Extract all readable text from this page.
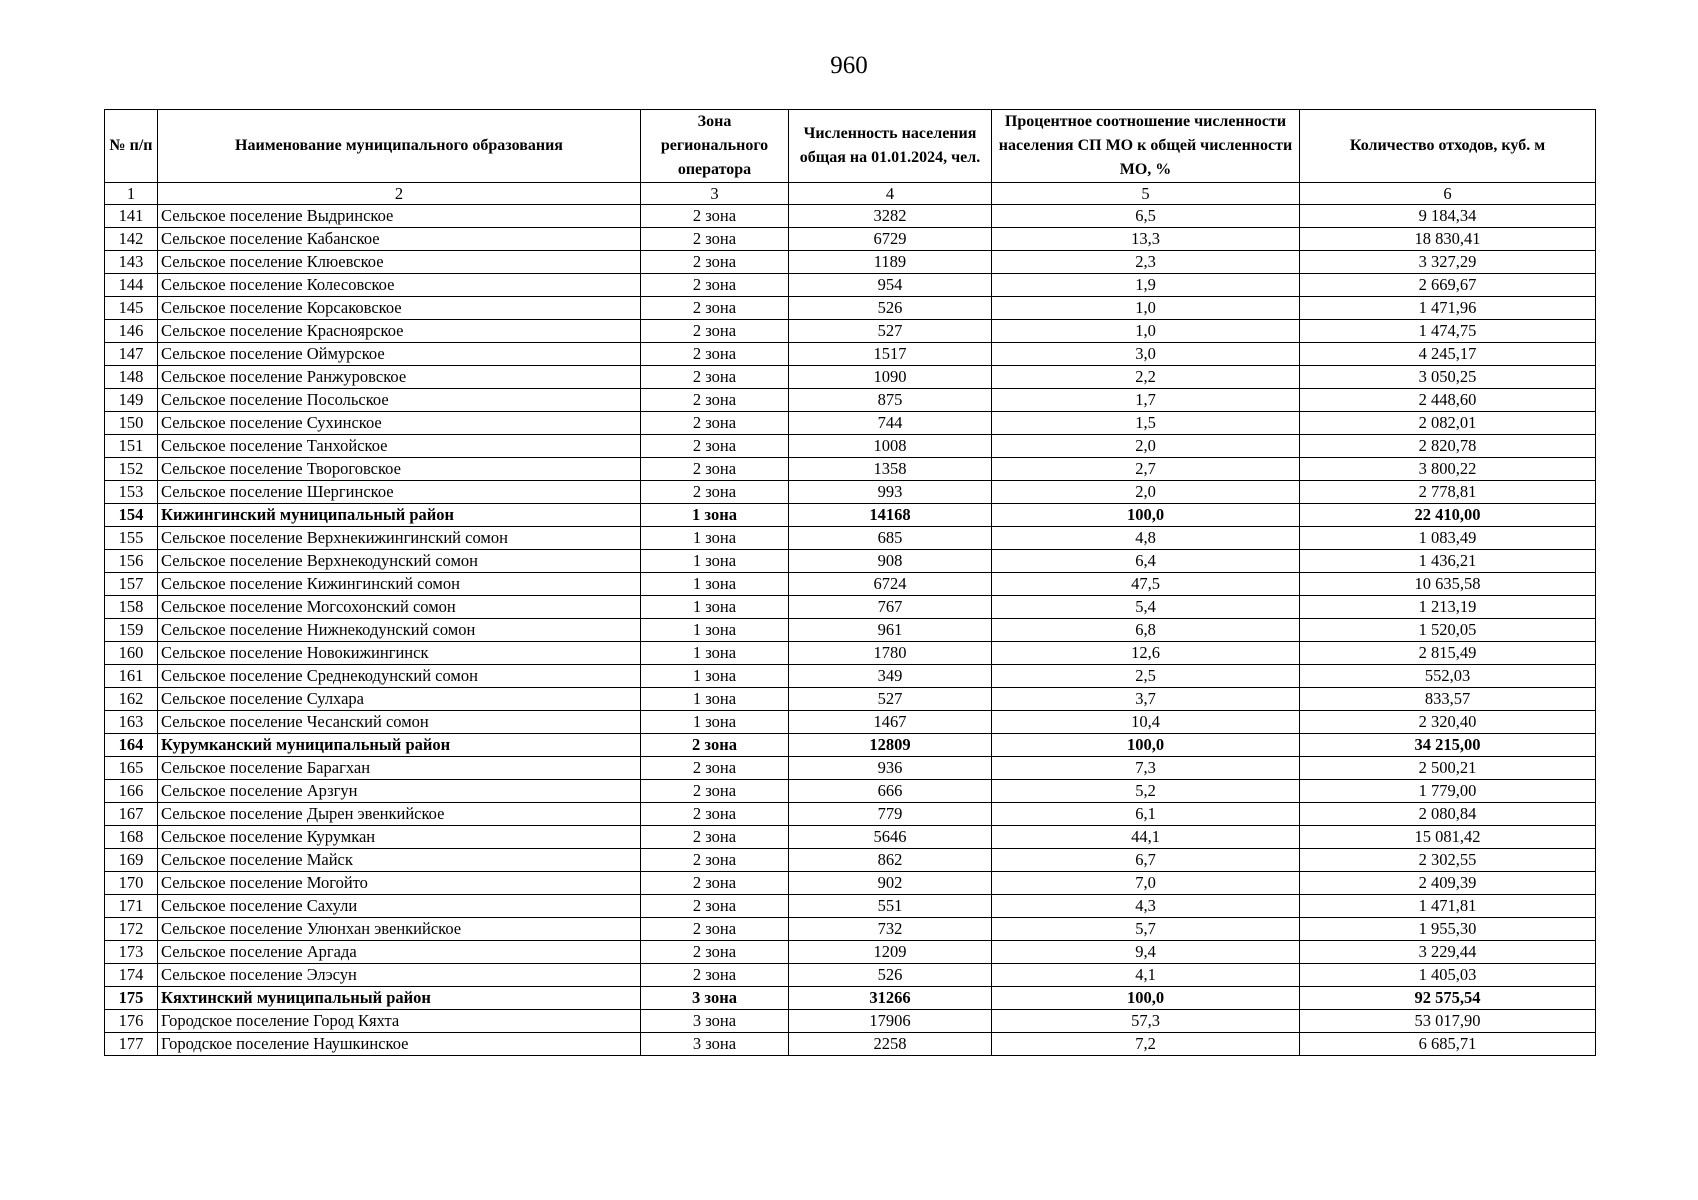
960
№ п/п	Наименование муниципального образования	Зона регионального оператора	Численность населения общая на 01.01.2024, чел.	Процентное соотношение численности населения СП МО к общей численности МО, %	Количество отходов, куб. м
1	2	3	4	5	6
141	Сельское поселение Выдринское	2 зона	3282	6,5	9 184,34
142	Сельское поселение Кабанское	2 зона	6729	13,3	18 830,41
143	Сельское поселение Клюевское	2 зона	1189	2,3	3 327,29
144	Сельское поселение Колесовское	2 зона	954	1,9	2 669,67
145	Сельское поселение Корсаковское	2 зона	526	1,0	1 471,96
146	Сельское поселение Красноярское	2 зона	527	1,0	1 474,75
147	Сельское поселение Оймурское	2 зона	1517	3,0	4 245,17
148	Сельское поселение Ранжуровское	2 зона	1090	2,2	3 050,25
149	Сельское поселение Посольское	2 зона	875	1,7	2 448,60
150	Сельское поселение Сухинское	2 зона	744	1,5	2 082,01
151	Сельское поселение Танхойское	2 зона	1008	2,0	2 820,78
152	Сельское поселение Твороговское	2 зона	1358	2,7	3 800,22
153	Сельское поселение Шергинское	2 зона	993	2,0	2 778,81
154	Кижингинский муниципальный район	1 зона	14168	100,0	22 410,00
155	Сельское поселение Верхнекижингинский сомон	1 зона	685	4,8	1 083,49
156	Сельское поселение Верхнекодунский сомон	1 зона	908	6,4	1 436,21
157	Сельское поселение Кижингинский сомон	1 зона	6724	47,5	10 635,58
158	Сельское поселение Могсохонский сомон	1 зона	767	5,4	1 213,19
159	Сельское поселение Нижнекодунский сомон	1 зона	961	6,8	1 520,05
160	Сельское поселение Новокижингинск	1 зона	1780	12,6	2 815,49
161	Сельское поселение Среднекодунский сомон	1 зона	349	2,5	552,03
162	Сельское поселение Сулхара	1 зона	527	3,7	833,57
163	Сельское поселение Чесанский сомон	1 зона	1467	10,4	2 320,40
164	Курумканский муниципальный район	2 зона	12809	100,0	34 215,00
165	Сельское поселение Барагхан	2 зона	936	7,3	2 500,21
166	Сельское поселение Арзгун	2 зона	666	5,2	1 779,00
167	Сельское поселение Дырен эвенкийское	2 зона	779	6,1	2 080,84
168	Сельское поселение Курумкан	2 зона	5646	44,1	15 081,42
169	Сельское поселение Майск	2 зона	862	6,7	2 302,55
170	Сельское поселение Могойто	2 зона	902	7,0	2 409,39
171	Сельское поселение Сахули	2 зона	551	4,3	1 471,81
172	Сельское поселение Улюнхан эвенкийское	2 зона	732	5,7	1 955,30
173	Сельское поселение Аргада	2 зона	1209	9,4	3 229,44
174	Сельское поселение Элэсун	2 зона	526	4,1	1 405,03
175	Кяхтинский муниципальный район	3 зона	31266	100,0	92 575,54
176	Городское поселение Город Кяхта	3 зона	17906	57,3	53 017,90
177	Городское поселение Наушкинское	3 зона	2258	7,2	6 685,71
